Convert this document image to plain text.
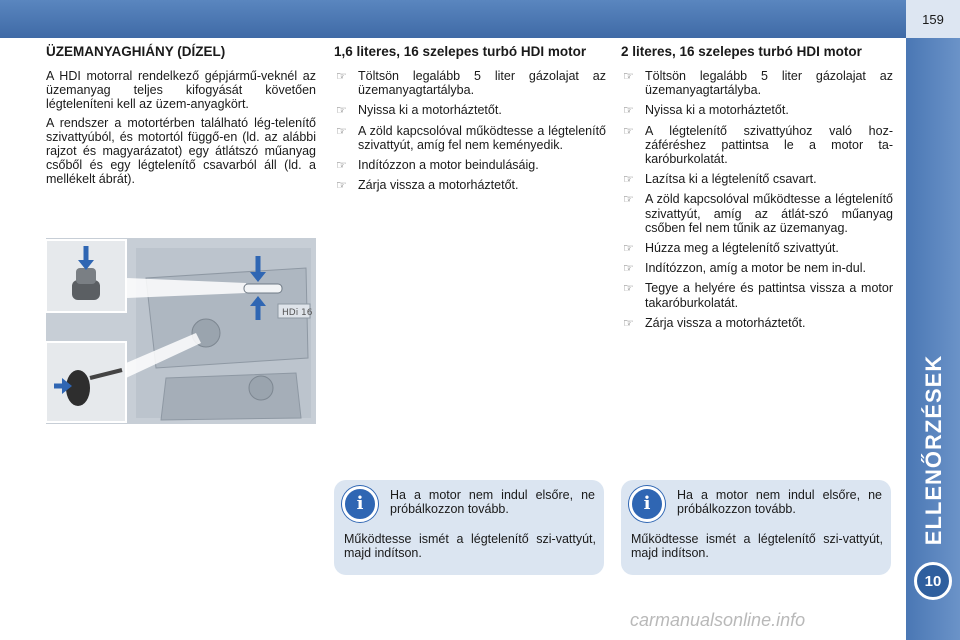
159
ELLENŐRZÉSEK
10
ÜZEMANYAGHIÁNY (DÍZEL)

A HDI motorral rendelkező gépjármű-veknél az üzemanyag teljes kifogyását követően légteleníteni kell az üzem-anyagkört.

A rendszer a motortérben található lég-telenítő szivattyúból, és motortól függő-en (ld. az alábbi rajzot és magyarázatot) egy átlátszó műanyag csőből és egy légtelenítő csavarból áll (ld. a mellékelt ábrát).

HDi 16
1,6 literes, 16 szelepes turbó HDI motor
☞ Töltsön legalább 5 liter gázolajat az üzemanyagtartályba.
☞ Nyissa ki a motorháztetőt.
☞ A zöld kapcsolóval működtesse a légtelenítő szivattyút, amíg fel nem keményedik.
☞ Indítózzon a motor beindulásáig.
☞ Zárja vissza a motorháztetőt.
2 literes, 16 szelepes turbó HDI motor
☞ Töltsön legalább 5 liter gázolajat az üzemanyagtartályba.
☞ Nyissa ki a motorháztetőt.
☞ A légtelenítő szivattyúhoz való hoz-záféréshez pattintsa le a motor ta-karóburkolatát.
☞ Lazítsa ki a légtelenítő csavart.
☞ A zöld kapcsolóval működtesse a légtelenítő szivattyút, amíg az átlát-szó műanyag csőben fel nem tűnik az üzemanyag.
☞ Húzza meg a légtelenítő szivattyút.
☞ Indítózzon, amíg a motor be nem in-dul.
☞ Tegye a helyére és pattintsa vissza a motor takaróburkolatát.
☞ Zárja vissza a motorháztetőt.
i	Ha a motor nem indul elsőre, ne próbálkozzon tovább.
Működtesse ismét a légtelenítő szi-vattyút, majd indítson.
i	Ha a motor nem indul elsőre, ne próbálkozzon tovább.
Működtesse ismét a légtelenítő szi-vattyút, majd indítson.
carmanualsonline.info
